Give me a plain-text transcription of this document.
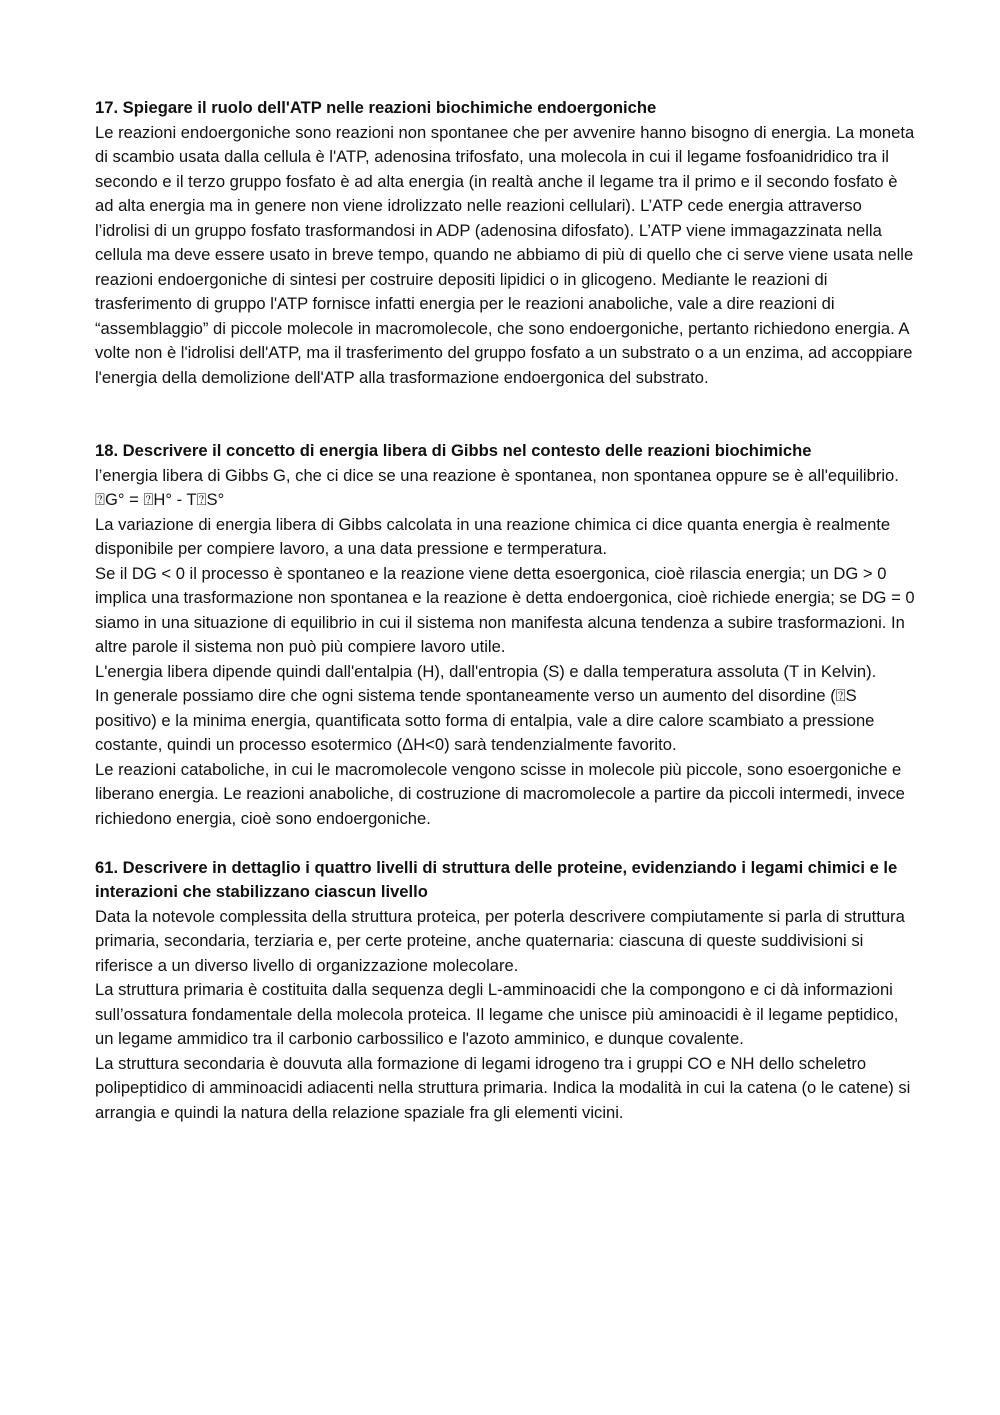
17. Spiegare il ruolo dell'ATP nelle reazioni biochimiche endoergoniche

Le reazioni endoergoniche sono reazioni non spontanee che per avvenire hanno bisogno di energia. La moneta di scambio usata dalla cellula è l'ATP, adenosina trifosfato, una molecola in cui il legame fosfoanidridico tra il secondo e il terzo gruppo fosfato è ad alta energia (in realtà anche il legame tra il primo e il secondo fosfato è ad alta energia ma in genere non viene idrolizzato nelle reazioni cellulari). L’ATP cede energia attraverso l’idrolisi di un gruppo fosfato trasformandosi in ADP (adenosina difosfato). L’ATP viene immagazzinata nella cellula ma deve essere usato in breve tempo, quando ne abbiamo di più di quello che ci serve viene usata nelle reazioni endoergoniche di sintesi per costruire depositi lipidici o in glicogeno. Mediante le reazioni di trasferimento di gruppo l'ATP fornisce infatti energia per le reazioni anaboliche, vale a dire reazioni di “assemblaggio” di piccole molecole in macromolecole, che sono endoergoniche, pertanto richiedono energia. A volte non è l'idrolisi dell'ATP, ma il trasferimento del gruppo fosfato a un substrato o a un enzima, ad accoppiare l'energia della demolizione dell'ATP alla trasformazione endoergonica del substrato.

18. Descrivere il concetto di energia libera di Gibbs nel contesto delle reazioni biochimiche

l’energia libera di Gibbs G, che ci dice se una reazione è spontanea, non spontanea oppure se è all'equilibrio.

⍰G° = ⍰H° - T⍰S°

La variazione di energia libera di Gibbs calcolata in una reazione chimica ci dice quanta energia è realmente disponibile per compiere lavoro, a una data pressione e termperatura.

Se il DG < 0 il processo è spontaneo e la reazione viene detta esoergonica, cioè rilascia energia; un DG > 0 implica una trasformazione non spontanea e la reazione è detta endoergonica, cioè richiede energia; se DG = 0 siamo in una situazione di equilibrio in cui il sistema non manifesta alcuna tendenza a subire trasformazioni. In altre parole il sistema non può più compiere lavoro utile.

L'energia libera dipende quindi dall'entalpia (H), dall'entropia (S) e dalla temperatura assoluta (T in Kelvin).

In generale possiamo dire che ogni sistema tende spontaneamente verso un aumento del disordine (⍰S positivo) e la minima energia, quantificata sotto forma di entalpia, vale a dire calore scambiato a pressione costante, quindi un processo esotermico (ΔH<0) sarà tendenzialmente favorito.

Le reazioni cataboliche, in cui le macromolecole vengono scisse in molecole più piccole, sono esoergoniche e liberano energia. Le reazioni anaboliche, di costruzione di macromolecole a partire da piccoli intermedi, invece richiedono energia, cioè sono endoergoniche.

61. Descrivere in dettaglio i quattro livelli di struttura delle proteine, evidenziando i legami chimici e le interazioni che stabilizzano ciascun livello

Data la notevole complessita della struttura proteica, per poterla descrivere compiutamente si parla di struttura primaria, secondaria, terziaria e, per certe proteine, anche quaternaria: ciascuna di queste suddivisioni si riferisce a un diverso livello di organizzazione molecolare.

La struttura primaria è costituita dalla sequenza degli L-amminoacidi che la compongono e ci dà informazioni sull’ossatura fondamentale della molecola proteica. Il legame che unisce più aminoacidi è il legame peptidico, un legame ammidico tra il carbonio carbossilico e l'azoto amminico, e dunque covalente.

La struttura secondaria è douvuta alla formazione di legami idrogeno tra i gruppi CO e NH dello scheletro polipeptidico di amminoacidi adiacenti nella struttura primaria. Indica la modalità in cui la catena (o le catene) si arrangia e quindi la natura della relazione spaziale fra gli elementi vicini.
